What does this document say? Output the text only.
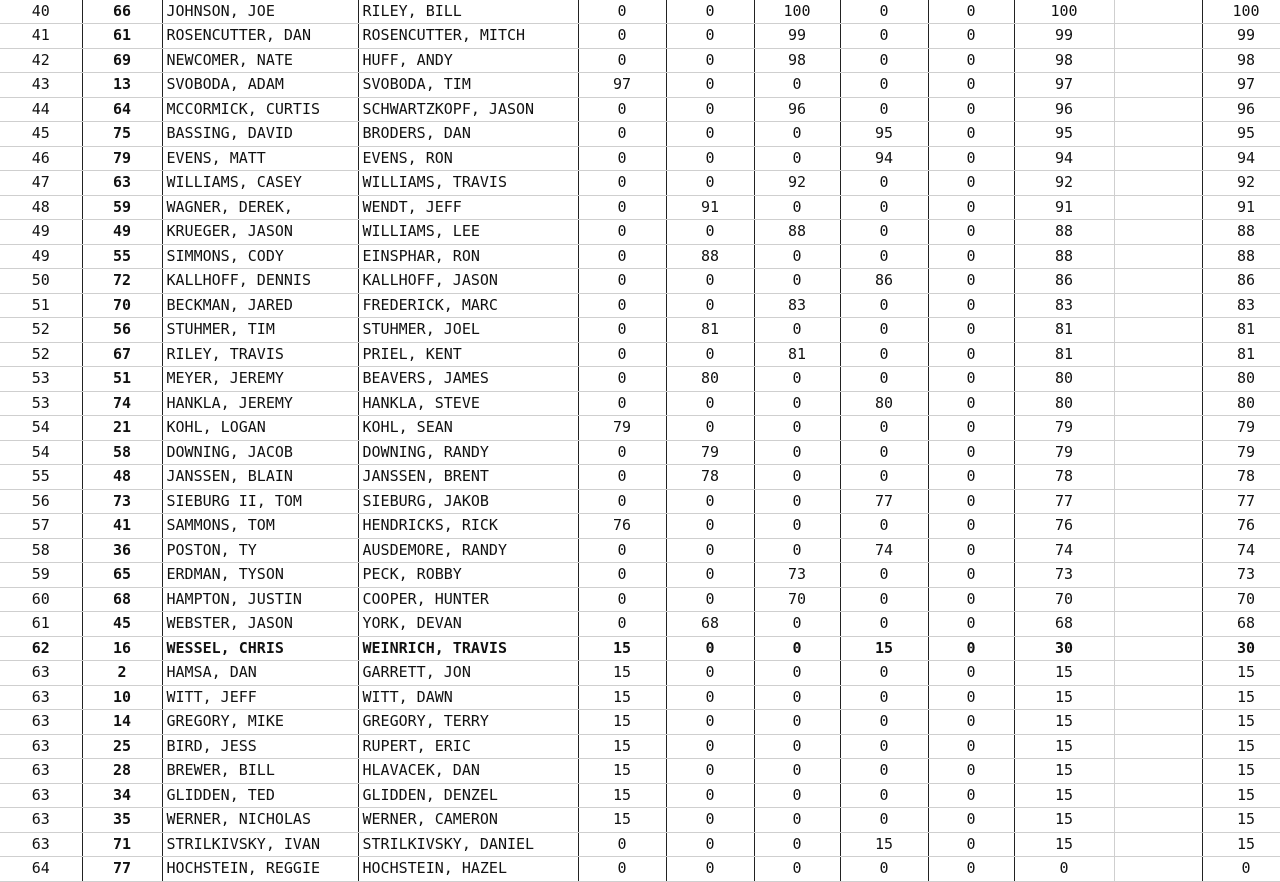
40	66	JOHNSON, JOE	RILEY, BILL	0	0	100	0	0	100		100
41	61	ROSENCUTTER, DAN	ROSENCUTTER, MITCH	0	0	99	0	0	99		99
42	69	NEWCOMER, NATE	HUFF, ANDY	0	0	98	0	0	98		98
43	13	SVOBODA, ADAM	SVOBODA, TIM	97	0	0	0	0	97		97
44	64	MCCORMICK, CURTIS	SCHWARTZKOPF, JASON	0	0	96	0	0	96		96
45	75	BASSING, DAVID	BRODERS, DAN	0	0	0	95	0	95		95
46	79	EVENS, MATT	EVENS, RON	0	0	0	94	0	94		94
47	63	WILLIAMS, CASEY	WILLIAMS, TRAVIS	0	0	92	0	0	92		92
48	59	WAGNER, DEREK,	WENDT, JEFF	0	91	0	0	0	91		91
49	49	KRUEGER, JASON	WILLIAMS, LEE	0	0	88	0	0	88		88
49	55	SIMMONS, CODY	EINSPHAR, RON	0	88	0	0	0	88		88
50	72	KALLHOFF, DENNIS	KALLHOFF, JASON	0	0	0	86	0	86		86
51	70	BECKMAN, JARED	FREDERICK, MARC	0	0	83	0	0	83		83
52	56	STUHMER, TIM	STUHMER, JOEL	0	81	0	0	0	81		81
52	67	RILEY, TRAVIS	PRIEL, KENT	0	0	81	0	0	81		81
53	51	MEYER, JEREMY	BEAVERS, JAMES	0	80	0	0	0	80		80
53	74	HANKLA, JEREMY	HANKLA, STEVE	0	0	0	80	0	80		80
54	21	KOHL, LOGAN	KOHL, SEAN	79	0	0	0	0	79		79
54	58	DOWNING, JACOB	DOWNING, RANDY	0	79	0	0	0	79		79
55	48	JANSSEN, BLAIN	JANSSEN, BRENT	0	78	0	0	0	78		78
56	73	SIEBURG II, TOM	SIEBURG, JAKOB	0	0	0	77	0	77		77
57	41	SAMMONS, TOM	HENDRICKS, RICK	76	0	0	0	0	76		76
58	36	POSTON, TY	AUSDEMORE, RANDY	0	0	0	74	0	74		74
59	65	ERDMAN, TYSON	PECK, ROBBY	0	0	73	0	0	73		73
60	68	HAMPTON, JUSTIN	COOPER, HUNTER	0	0	70	0	0	70		70
61	45	WEBSTER, JASON	YORK, DEVAN	0	68	0	0	0	68		68
62	16	WESSEL, CHRIS	WEINRICH, TRAVIS	15	0	0	15	0	30		30
63	2	HAMSA, DAN	GARRETT, JON	15	0	0	0	0	15		15
63	10	WITT, JEFF	WITT, DAWN	15	0	0	0	0	15		15
63	14	GREGORY, MIKE	GREGORY, TERRY	15	0	0	0	0	15		15
63	25	BIRD, JESS	RUPERT, ERIC	15	0	0	0	0	15		15
63	28	BREWER, BILL	HLAVACEK, DAN	15	0	0	0	0	15		15
63	34	GLIDDEN, TED	GLIDDEN, DENZEL	15	0	0	0	0	15		15
63	35	WERNER, NICHOLAS	WERNER, CAMERON	15	0	0	0	0	15		15
63	71	STRILKIVSKY, IVAN	STRILKIVSKY, DANIEL	0	0	0	15	0	15		15
64	77	HOCHSTEIN, REGGIE	HOCHSTEIN, HAZEL	0	0	0	0	0	0		0
